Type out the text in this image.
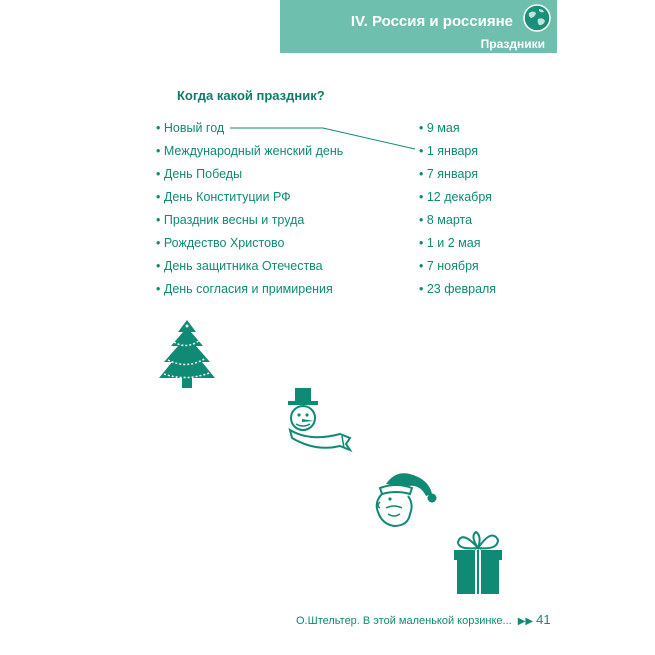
IV. Россия и россияне
Праздники
Когда какой праздник?
• Новый год
• Международный женский день
• День Победы
• День Конституции РФ
• Праздник весны и труда
• Рождество Христово
• День защитника Отечества
• День согласия и примирения
• 9 мая
• 1 января
• 7 января
• 12 декабря
• 8 марта
• 1 и 2 мая
• 7 ноября
• 23 февраля
О.Штельтер. В этой маленькой корзинке... ▶▶ 41
